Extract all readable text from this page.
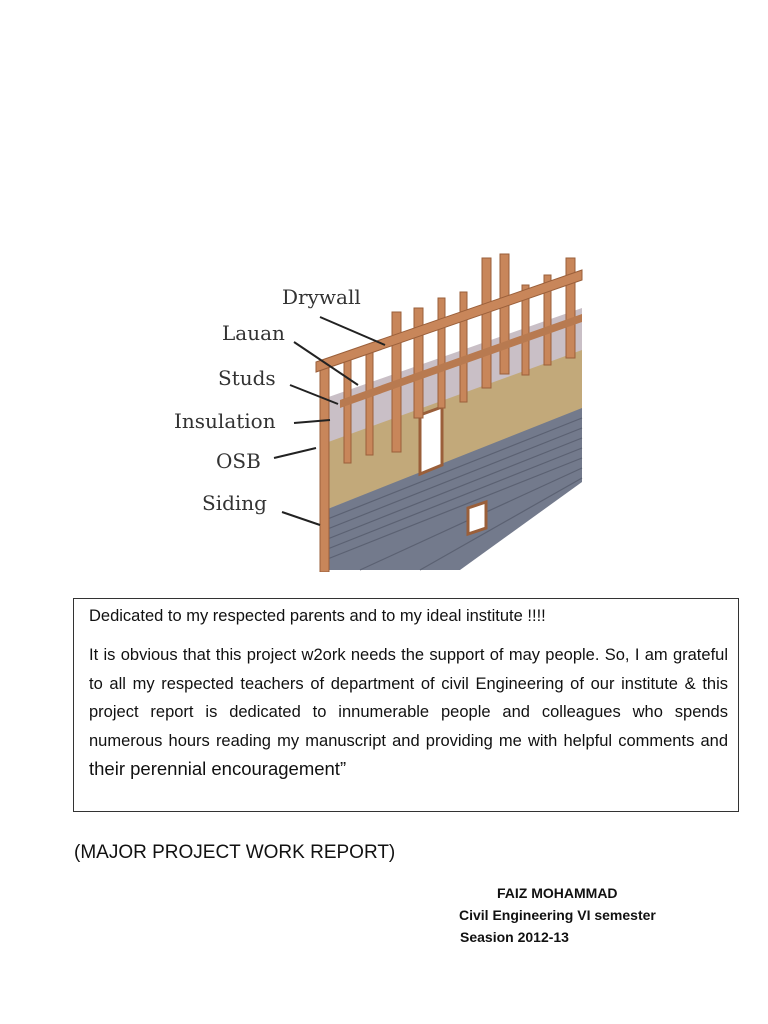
Drywall
Lauan
Studs
Insulation
OSB
Siding

Dedicated to my respected parents and to my ideal institute !!!!

It is obvious that this project w2ork needs the support of may people. So, I am grateful to all my respected teachers of department of civil Engineering of our institute & this project report is dedicated to innumerable people and colleagues who spends numerous hours reading my manuscript and providing me with helpful comments and their perennial encouragement”

(MAJOR PROJECT WORK REPORT)
FAIZ MOHAMMAD
Civil Engineering VI semester
Seasion 2012-13
